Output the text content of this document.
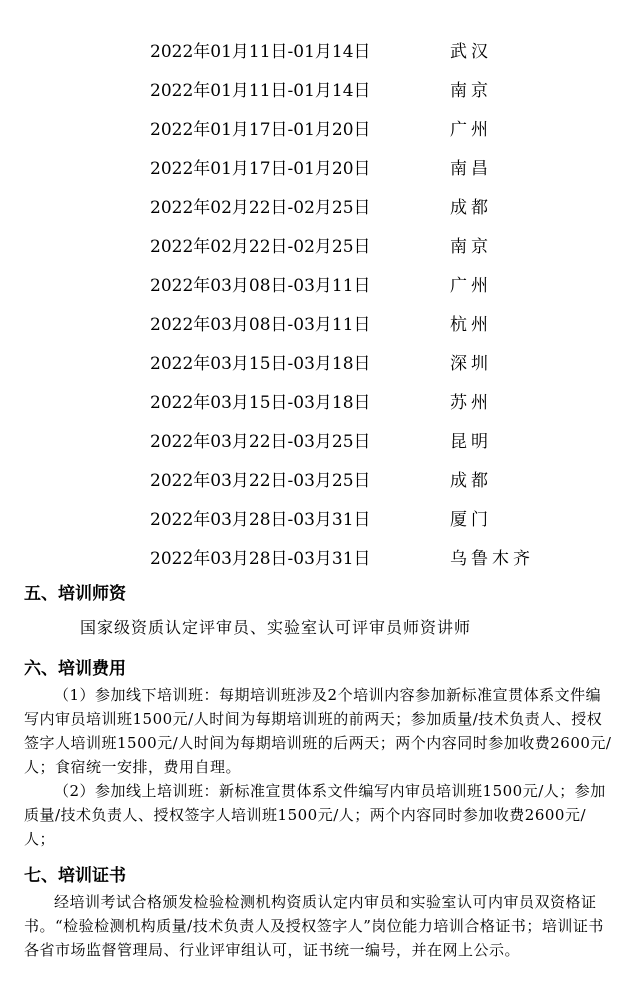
2022年01月11日-01月14日	武汉
2022年01月11日-01月14日	南京
2022年01月17日-01月20日	广州
2022年01月17日-01月20日	南昌
2022年02月22日-02月25日	成都
2022年02月22日-02月25日	南京
2022年03月08日-03月11日	广州
2022年03月08日-03月11日	杭州
2022年03月15日-03月18日	深圳
2022年03月15日-03月18日	苏州
2022年03月22日-03月25日	昆明
2022年03月22日-03月25日	成都
2022年03月28日-03月31日	厦门
2022年03月28日-03月31日	乌鲁木齐
五、培训师资
国家级资质认定评审员、实验室认可评审员师资讲师
六、培训费用

（1）参加线下培训班：每期培训班涉及2个培训内容参加新标准宣贯体系文件编写内审员培训班1500元/人时间为每期培训班的前两天；参加质量/技术负责人、授权签字人培训班1500元/人时间为每期培训班的后两天；两个内容同时参加收费2600元/人；食宿统一安排，费用自理。

（2）参加线上培训班：新标准宣贯体系文件编写内审员培训班1500元/人；参加质量/技术负责人、授权签字人培训班1500元/人；两个内容同时参加收费2600元/人；

七、培训证书

经培训考试合格颁发检验检测机构资质认定内审员和实验室认可内审员双资格证书。“检验检测机构质量/技术负责人及授权签字人”岗位能力培训合格证书；培训证书各省市场监督管理局、行业评审组认可，证书统一编号，并在网上公示。
